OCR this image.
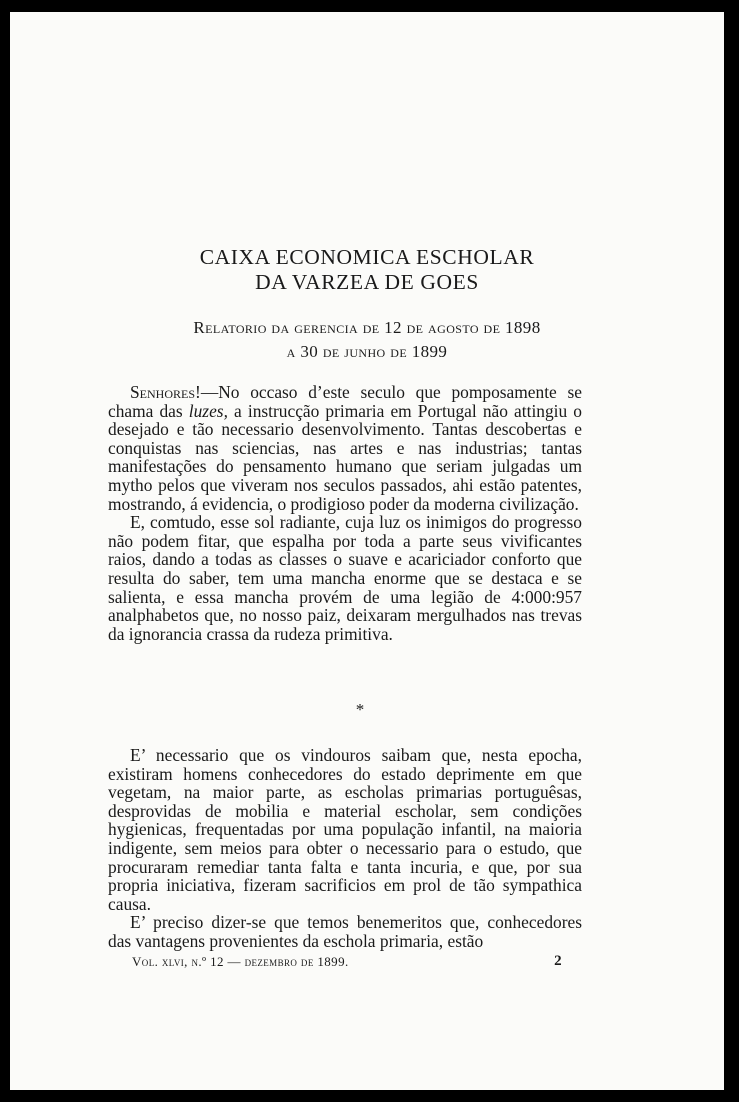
CAIXA ECONOMICA ESCHOLAR
DA VARZEA DE GOES
Relatorio da gerencia de 12 de agosto de 1898
a 30 de junho de 1899

Senhores!—No occaso d’este seculo que pomposamente se chama das luzes, a instrucção primaria em Portugal não attingiu o desejado e tão necessario desenvolvimento. Tantas descobertas e conquistas nas sciencias, nas artes e nas industrias; tantas manifestações do pensamento humano que seriam julgadas um mytho pelos que viveram nos seculos passados, ahi estão patentes, mostrando, á evidencia, o prodigioso poder da moderna civilização.

E, comtudo, esse sol radiante, cuja luz os inimigos do progresso não podem fitar, que espalha por toda a parte seus vivificantes raios, dando a todas as classes o suave e acariciador conforto que resulta do saber, tem uma mancha enorme que se destaca e se salienta, e essa mancha provém de uma legião de 4:000:957 analphabetos que, no nosso paiz, deixaram mergulhados nas trevas da ignorancia crassa da rudeza primitiva.

*

E’ necessario que os vindouros saibam que, nesta epocha, existiram homens conhecedores do estado deprimente em que vegetam, na maior parte, as escholas primarias portuguêsas, desprovidas de mobilia e material escholar, sem condições hygienicas, frequentadas por uma população infantil, na maioria indigente, sem meios para obter o necessario para o estudo, que procuraram remediar tanta falta e tanta incuria, e que, por sua propria iniciativa, fizeram sacrificios em prol de tão sympathica causa.

E’ preciso dizer-se que temos benemeritos que, conhecedores das vantagens provenientes da eschola primaria, estão

Vol. xlvi, n.º 12 — dezembro de 1899.	2
